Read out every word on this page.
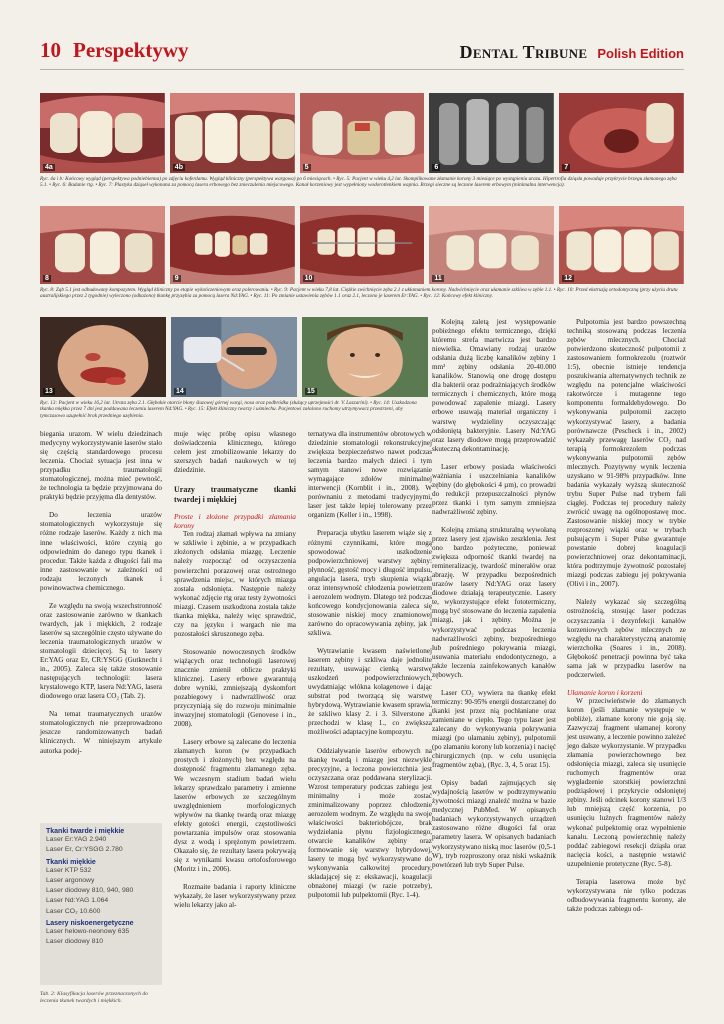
10 Perspektywy	Dental Tribune Polish Edition
4a	4b	5	6	7
Ryc. 4a i b: Końcowy wygląd (perspektywa podniebienna) po zdjęciu koferdamu. Wygląd kliniczny (perspektywa wargowa) po 6 miesiącach. • Ryc. 5: Pacjent w wieku 4,2 lat. Skomplikowane złamanie korony 3 miesiące po wystąpieniu urazu. Hipertrofia dziąsła powoduje przykrycie brzegu złamanego zęba 5.1. • Ryc. 6: Badanie rtg. • Ryc. 7: Plastyka dziąseł wykonana za pomocą lasera erbowego bez znieczulenia miejscowego. Kanał korzeniowy jest wypełniony wodorotlenkiem wapnia. Brzegi sieczne są leczone laserem erbowym (minimalna interwencja).
8	9	10	11	12
Ryc. 8: Ząb 5.1 jest odbudowany kompozytem. Wygląd kliniczny po etapie wykończeniowym oraz polerowaniu. • Ryc. 9: Pacjent w wieku 7,8 lat. Ciężkie zwichnięcie zęba 2.1 z ukłamaniem korony. Nadwichnięcie oraz ułamanie szkliwa w zębie 1.1. • Ryc. 10: Przed ekstruzją ortodontyczną (przy użyciu drutu australijskiego przez 2 tygodnie) wyleczono (odkażono) tkankę przyzębia za pomocą lasera Nd:YAG. • Ryc. 11: Po zmianie ustawienia zębów 1.1 oraz 2.1, leczono je laserem Er:YAG. • Ryc. 12: Końcowy efekt kliniczny.
13	14	15
Ryc. 13: Pacjent w wieku 16,2 lat. Utrata zęba 2.1. Głębokie otarcie błony śluzowej górnej wargi, nosa oraz podbródka (służący uprzejmości dr. V. Lazzarini). • Ryc. 14: Uszkodzona tkanka miękka przez 7 dni jest poddawana leczeniu laserem Nd:YAG. • Ryc. 15: Efekt kliniczny twarzy i uśmiechu. Pacjentowi założono ruchomy utrzymywacz przestrzeni, aby tymczasowo uzupełnić brak przedniego uzębienia.

biegania urazom. W wielu dziedzinach medycyny wykorzystywanie laserów stało się częścią standardowego procesu leczenia. Chociaż sytuacja jest inna w przypadku traumatologii stomatologicznej, można mieć pewność, że technologia ta będzie przyjmowana do praktyki będzie przyjęma dla dentystów.

Do leczenia urazów stomatologicznych wykorzystuje się różne rodzaje laserów. Każdy z nich ma inne właściwości, które czynią go odpowiednim do danego typu tkanek i procedur. Także każda z długości fali ma inne zastosowanie w zależności od rodzaju leczonych tkanek i powinowactwa chemicznego.

Ze względu na swoją wszechstronność oraz zastosowanie zarówno w tkankach twardych, jak i miękkich, 2 rodzaje laserów są szczególnie często używane do leczenia traumatologicznych urazów w stomatologii dziecięcej. Są to lasery Er:YAG oraz Er, CR:YSGG (Gutknecht i in., 2005). Zaleca się także stosowanie następujących technologii: lasera krystalowego KTP, lasera Nd:YAG, lasera diodowego oraz lasera CO₂ (Tab. 2).

Na temat traumatycznych urazów stomatologicznych nie przeprowadzono jeszcze randomizowanych badań klinicznych. W niniejszym artykule autorka podej-

Tkanki twarde i miękkie
Laser Er:YAG 2.940
Laser Er, Cr:YSGG 2.780
Tkanki miękkie
Laser KTP 532
Laser argonowy
Laser diodowy 810, 940, 980
Laser Nd:YAG 1.064
Laser CO₂ 10.600
Lasery niskoenergetyczne
Laser helowo-neonowy 635
Laser diodowy 810
Tab. 2: Klasyfikacja laserów przeznaczonych do leczenia tkanek twardych i miękkich.

muje więc próbę opisu własnego doświadczenia klinicznego, którego celem jest zmobilizowanie lekarzy do szerszych badań naukowych w tej dziedzinie.

Urazy traumatyczne tkanki twardej i miękkiej
Proste i złożone przypadki złamania korony

Ten rodzaj złamań wpływa na zmiany w szkliwie i zębinie, a w przypadkach złożonych odsłania miazgę. Leczenie należy rozpocząć od oczyszczenia powierzchni porazowej oraz ostrożnego sprawdzenia miejsc, w których miazga została odsłonięta. Następnie należy wykonać zdjęcie rtg oraz testy żywotności miazgi. Czasem uszkodzona została także tkanka miękka, należy więc sprawdzić, czy na języku i wargach nie ma pozostałości skruszonego zęba.

Stosowanie nowoczesnych środków wiążących oraz technologii laserowej znacznie zmienił oblicze praktyki klinicznej. Lasery erbowe gwarantują dobre wyniki, zmniejszają dyskomfort pozabiegowy i nadwrażliwość oraz przyczyniają się do rozwoju minimalnie inwazyjnej stomatologii (Genovese i in., 2008).

Lasery erbowe są zalecane do leczenia złamanych koron (w przypadkach prostych i złożonych) bez względu na dostępność fragmentu złamanego zęba. We wczesnym stadium badań wielu lekarzy sprawdzało parametry i zmienne laserów erbowych ze szczególnym uwzględnieniem morfologicznych wpływów na tkankę twardą oraz miazgę efekty gotości energii, częstotliwości powtarzania impulsów oraz stosowania dysz z wodą i sprężonym powietrzem. Okazało się, że rezultaty lasera pokrywają się z wynikami kwasu ortofosforowego (Moritz i in., 2006).

Rozmaite badania i raporty kliniczne wykazały, że laser wykorzystywany przez wielu lekarzy jako al-

ternatywa dla instrumentów obrotowych w dziedzinie stomatologii rekonstrukcyjnej zwiększa bezpieczeństwo nawet podczas leczenia bardzo małych dzieci i tym samym stanowi nowe rozwiązanie wymagające zdołów minimalnej interwencji (Kornblit i in., 2008). W porównaniu z metodami tradycyjnymi, laser jest także lepiej tolerowany przez organizm (Keller i in., 1998).

Preparacja ubytku laserem wiąże się z różnymi czynnikami, które mogą spowodować uszkodzenie podpowierzchniowej warstwy zębiny: płynność, gęstość mocy i długość impulsu, angulacja lasera, tryb skupienia wiązki oraz intensywność chłodzenia powietrzem i aerozolem wodnym. Dlatego też podczas końcowego kondycjonowania zaleca się stosowanie niskiej mocy znamionowej zarówno do opracowywania zębiny, jak i szkliwa.

Wytrawianie kwasem naświetlonej laserem zębiny i szkliwa daje jednolite rezultaty, usuwając cienką warstwę uszkodzeń podpowierzchniowych, uwydatniając włókna kolagenowe i dając substrat pod tworzącą się warstwę hybrydową. Wytrawianie kwasem sprawia, że szkliwo klasy 2. i 3. Silverstone a przechodzi w klasę 1., co zwiększa możliwości adaptacyjne kompozytu.

Oddziaływanie laserów erbowych na tkankę twardą i miazgę jest niezwykle precyzyjne, a leczona powierzchnia jest oczyszczana oraz poddawana sterylizacji. Wzrost temperatury podczas zabiegu jest minimalny i może zostać zminimalizowany poprzez chłodzenie aerozolem wodnym. Ze względu na swoje właściwości bakteriobójcze, brak wydzielania płynu fizjologicznego, otwarcie kanalików zębiny oraz formowanie się warstwy hybrydowej, lasery te mogą być wykorzystywane do wykonywania całkowitej procedury, składającej się z: ekskawacji, koagulacji obnażonej miazgi (w razie potrzeby), pulpotomii lub pulpektomii (Ryc. 1-4).

Kolejną zaletą jest występowanie pobieżnego efektu termicznego, dzięki któremu strefa martwicza jest bardzo niewielka. Omawiany rodzaj urazów odsłania dużą liczbę kanalików zębiny 1 mm² zębiny odsłania 20-40.000 kanalików. Stanowią one drogę dostępu dla bakterii oraz podrażniających środków termicznych i chemicznych, które mogą powodować zapalenie miazgi. Lasery erbowe usuwają materiał organiczny i warstwę wydzieliny oczyszczając odsłoniętą bakteryjnie. Lasery Nd:YAG oraz lasery diodowe mogą przeprowadzić skuteczną dekontaminację.

Laser erbowy posiada właściwości ważniania i uszczelniania kanalików zębiny (do głębokości 4 µm), co prowadzi do redukcji przepuszczalności płynów przez tkanki i tym samym zmniejsza nadwrażliwość zębiny.

Kolejną zmianą strukturalną wywołaną przez lasery jest zjawisko zeszklenia. Jest ono bardzo pożyteczne, ponieważ zwiększa odporność tkanki twardej na remineralizację, twardość minerałów oraz abrazję. W przypadku bezpośrednich urazów lasery Nd:YAG oraz lasery diodowe działają terapeutycznie. Lasery te, wykorzystujące efekt fototermiczny, mogą być stosowane do leczenia zapalenia miazgi, jak i zębiny. Można je wykorzystywać podczas leczenia nadwrażliwości zębiny, bezpośredniego lub pośredniego pokrywania miazgi, usuwania materiału endodontycznego, a także leczenia zainfekowanych kanałów zębowych.

Laser CO₂ wywiera na tkankę efekt termiczny: 90-95% energii dostarczanej do tkanki jest przez nią pochłaniane oraz zamieniane w ciepło. Tego typu laser jest zalecany do wykonywania pokrywania miazgi (po ułamaniu zębiny), pulpotomii (po złamaniu korony lub korzenia) i nacięć chirurgicznych (np. w celu usunięcia fragmentów zęba), (Ryc. 3, 4, 5 oraz 15).

Opisy badań zajmujących się wydajnością laserów w podtrzymywaniu żywotności miazgi znaleźć można w bazie medycznej PubMed. W opisanych badaniach wykorzystywanych urządzeń zastosowano różne długości fal oraz parametry lasera. W opisanych badaniach wykorzystywano niską moc laserów (0,5-1 W), tryb rozproszony oraz niski wskaźnik powtórzeń lub tryb Super Pulse.

Pulpotomia jest bardzo powszechną techniką stosowaną podczas leczenia zębów mlecznych. Chociaż potwierdzono skuteczność pulpotomii z zastosowaniem formokrezolu (roztwór 1:5), obecnie istnieje tendencja poszukiwania alternatywnych technik ze względu na potencjalne właściwości rakotwórcze i mutagenne tego komponentu formaldehydowego. Do wykonywania pulpotomii zaczęto wykorzystywać lasery, a badania porównawcze (Pescheck i in., 2002) wykazały przewagę laserów CO₂ nad terapią formokrezolem podczas wykonywania pulpotomii zębów mlecznych. Pozytywny wynik leczenia uzyskano w 91-98% przypadków. Inne badania wykazały wyższą skuteczność trybu Super Pulse nad trybem fali ciągłej. Podczas tej procedury należy zwrócić uwagę na ogólnopostawę moc. Zastosowanie niskiej mocy w trybie rozproszonej wiązki oraz w trybach pulsującym i Super Pulse gwarantuje powstanie dobrej koagulacji powierzchniowej oraz dekontaminacji, która podtrzymuje żywotność pozostałej miazgi podczas zabiegu jej pokrywania (Olivi i in., 2007).

Należy wykazać się szczególną ostrożnością, stosując laser podczas oczyszczania i dezynfekcji kanałów korzeniowych zębów mlecznych ze względu na charakterystyczną anatomię wierzchołka (Soares i in., 2008). Głębokość penetracji powinna być taka sama jak w przypadku laserów na podczerwień.

Ułamanie koron i korzeni

W przeciwieństwie do złamanych koron (jeśli złamanie występuje w pobliże), złamane korony nie goją się. Zazwyczaj fragment ułamanej korony jest usuwany, a leczenie powinno zależeć jego dalsze wykorzystanie. W przypadku złamania powierzchownego bez odsłonięcia miazgi, zaleca się usunięcie ruchomych fragmentów oraz wygładzenie szorstkiej powierzchni podziąsłowej i przykrycie odsłoniętej zębiny. Jeśli odcinek korony stanowi 1/3 lub mniejszą część korzenia, po usunięciu luźnych fragmentów należy wykonać pulpektomię oraz wypełnienie kanału. Leczoną powierzchnię należy poddać zabiegowi resekcji dziąsła oraz nacięcia kości, a następnie wstawić uzupełnienie protetyczne (Ryc. 5-8).

Terapia laserowa może być wykorzystywana nie tylko podczas odbudowywania fragmentu korony, ale także podczas zabiegu od-
